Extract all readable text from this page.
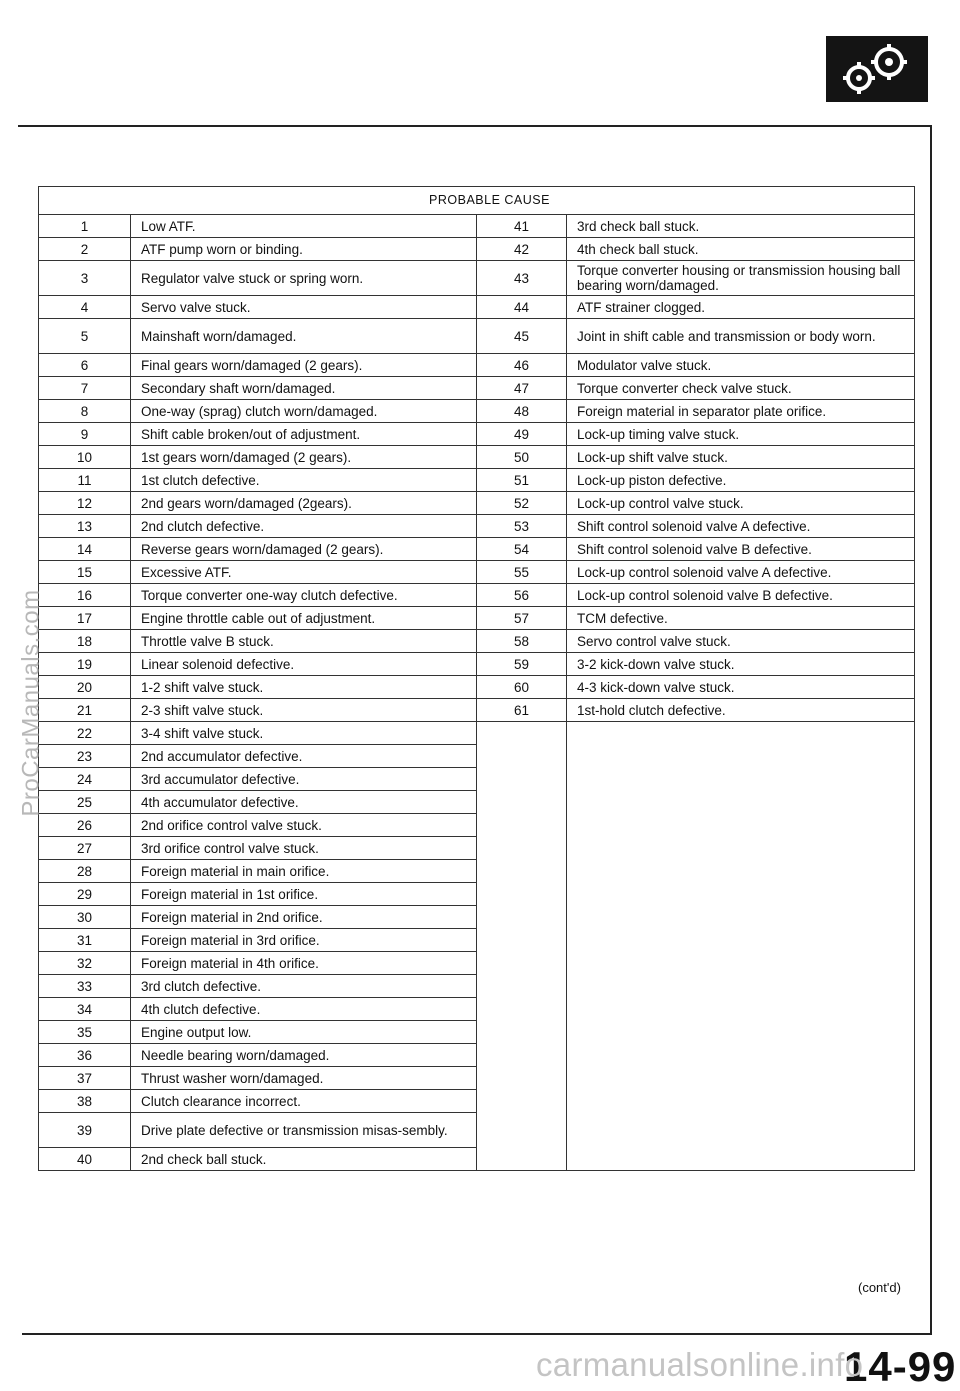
PROBABLE CAUSE			
1	Low ATF.	41	3rd check ball stuck.
2	ATF pump worn or binding.	42	4th check ball stuck.
3	Regulator valve stuck or spring worn.	43	Torque converter housing or transmission housing ball bearing worn/damaged.
4	Servo valve stuck.	44	ATF strainer clogged.
5	Mainshaft worn/damaged.	45	Joint in shift cable and transmission or body worn.
6	Final gears worn/damaged (2 gears).	46	Modulator valve stuck.
7	Secondary shaft worn/damaged.	47	Torque converter check valve stuck.
8	One-way (sprag) clutch worn/damaged.	48	Foreign material in separator plate orifice.
9	Shift cable broken/out of adjustment.	49	Lock-up timing valve stuck.
10	1st gears worn/damaged (2 gears).	50	Lock-up shift valve stuck.
11	1st clutch defective.	51	Lock-up piston defective.
12	2nd gears worn/damaged (2gears).	52	Lock-up control valve stuck.
13	2nd clutch defective.	53	Shift control solenoid valve A defective.
14	Reverse gears worn/damaged (2 gears).	54	Shift control solenoid valve B defective.
15	Excessive ATF.	55	Lock-up control solenoid valve A defective.
16	Torque converter one-way clutch defective.	56	Lock-up control solenoid valve B defective.
17	Engine throttle cable out of adjustment.	57	TCM defective.
18	Throttle valve B stuck.	58	Servo control valve stuck.
19	Linear solenoid defective.	59	3-2 kick-down valve stuck.
20	1-2 shift valve stuck.	60	4-3 kick-down valve stuck.
21	2-3 shift valve stuck.	61	1st-hold clutch defective.
22	3-4 shift valve stuck.		
23	2nd accumulator defective.		
24	3rd accumulator defective.		
25	4th accumulator defective.		
26	2nd orifice control valve stuck.		
27	3rd orifice control valve stuck.		
28	Foreign material in main orifice.		
29	Foreign material in 1st orifice.		
30	Foreign material in 2nd orifice.		
31	Foreign material in 3rd orifice.		
32	Foreign material in 4th orifice.		
33	3rd clutch defective.		
34	4th clutch defective.		
35	Engine output low.		
36	Needle bearing worn/damaged.		
37	Thrust washer worn/damaged.		
38	Clutch clearance incorrect.		
39	Drive plate defective or transmission misas-sembly.		
40	2nd check ball stuck.		
(cont'd)
14-99
ProCarManuals.com
carmanualsonline.info
